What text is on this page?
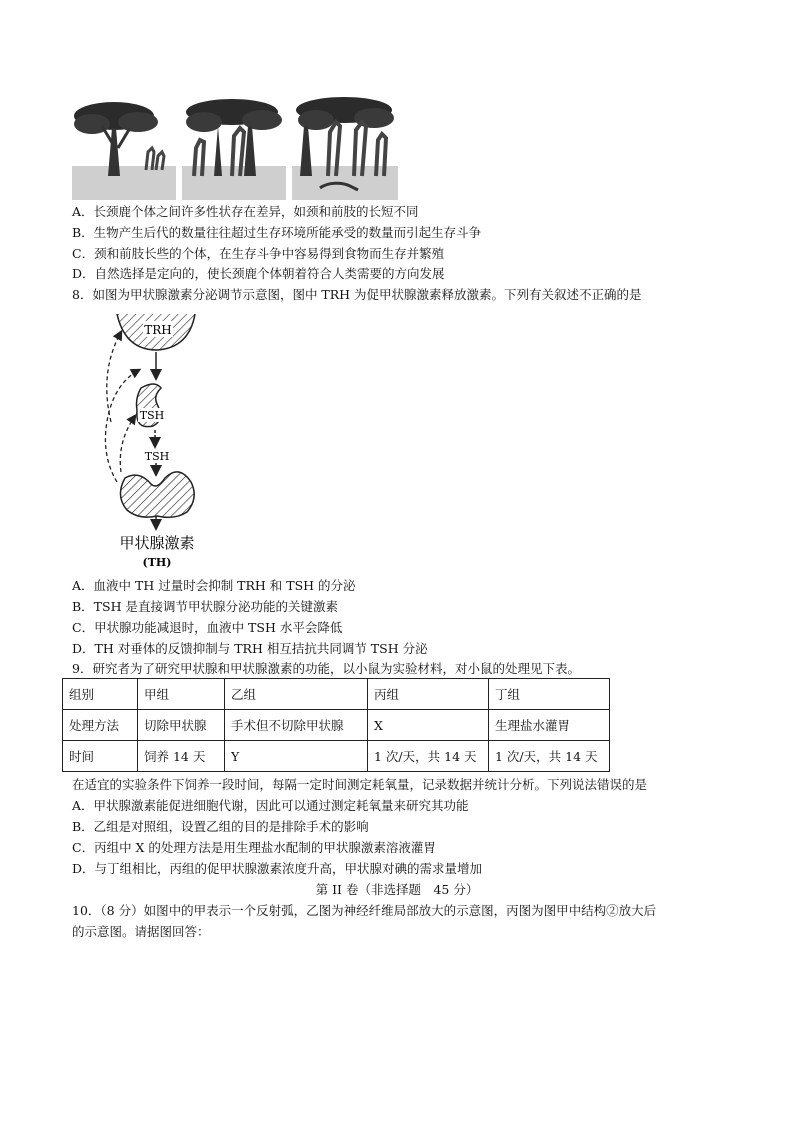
A．长颈鹿个体之间许多性状存在差异，如颈和前肢的长短不同
B．生物产生后代的数量往往超过生存环境所能承受的数量而引起生存斗争
C．颈和前肢长些的个体，在生存斗争中容易得到食物而生存并繁殖
D．自然选择是定向的，使长颈鹿个体朝着符合人类需要的方向发展
8．如图为甲状腺激素分泌调节示意图，图中 TRH 为促甲状腺激素释放激素。下列有关叙述不正确的是
TRH
TSH
TSH
甲状腺激素
(TH)
A．血液中 TH 过量时会抑制 TRH 和 TSH 的分泌
B．TSH 是直接调节甲状腺分泌功能的关键激素
C．甲状腺功能减退时，血液中 TSH 水平会降低
D．TH 对垂体的反馈抑制与 TRH 相互拮抗共同调节 TSH 分泌
9．研究者为了研究甲状腺和甲状腺激素的功能，以小鼠为实验材料，对小鼠的处理见下表。
组别	甲组	乙组	丙组	丁组
处理方法	切除甲状腺	手术但不切除甲状腺	X	生理盐水灌胃
时间	饲养 14 天	Y	1 次/天，共 14 天	1 次/天，共 14 天
在适宜的实验条件下饲养一段时间，每隔一定时间测定耗氧量，记录数据并统计分析。下列说法错误的是
A．甲状腺激素能促进细胞代谢，因此可以通过测定耗氧量来研究其功能
B．乙组是对照组，设置乙组的目的是排除手术的影响
C．丙组中 X 的处理方法是用生理盐水配制的甲状腺激素溶液灌胃
D．与丁组相比，丙组的促甲状腺激素浓度升高，甲状腺对碘的需求量增加
第 II 卷（非选择题　45 分）
10．（8 分）如图中的甲表示一个反射弧，乙图为神经纤维局部放大的示意图，丙图为图甲中结构②放大后
的示意图。请据图回答：
